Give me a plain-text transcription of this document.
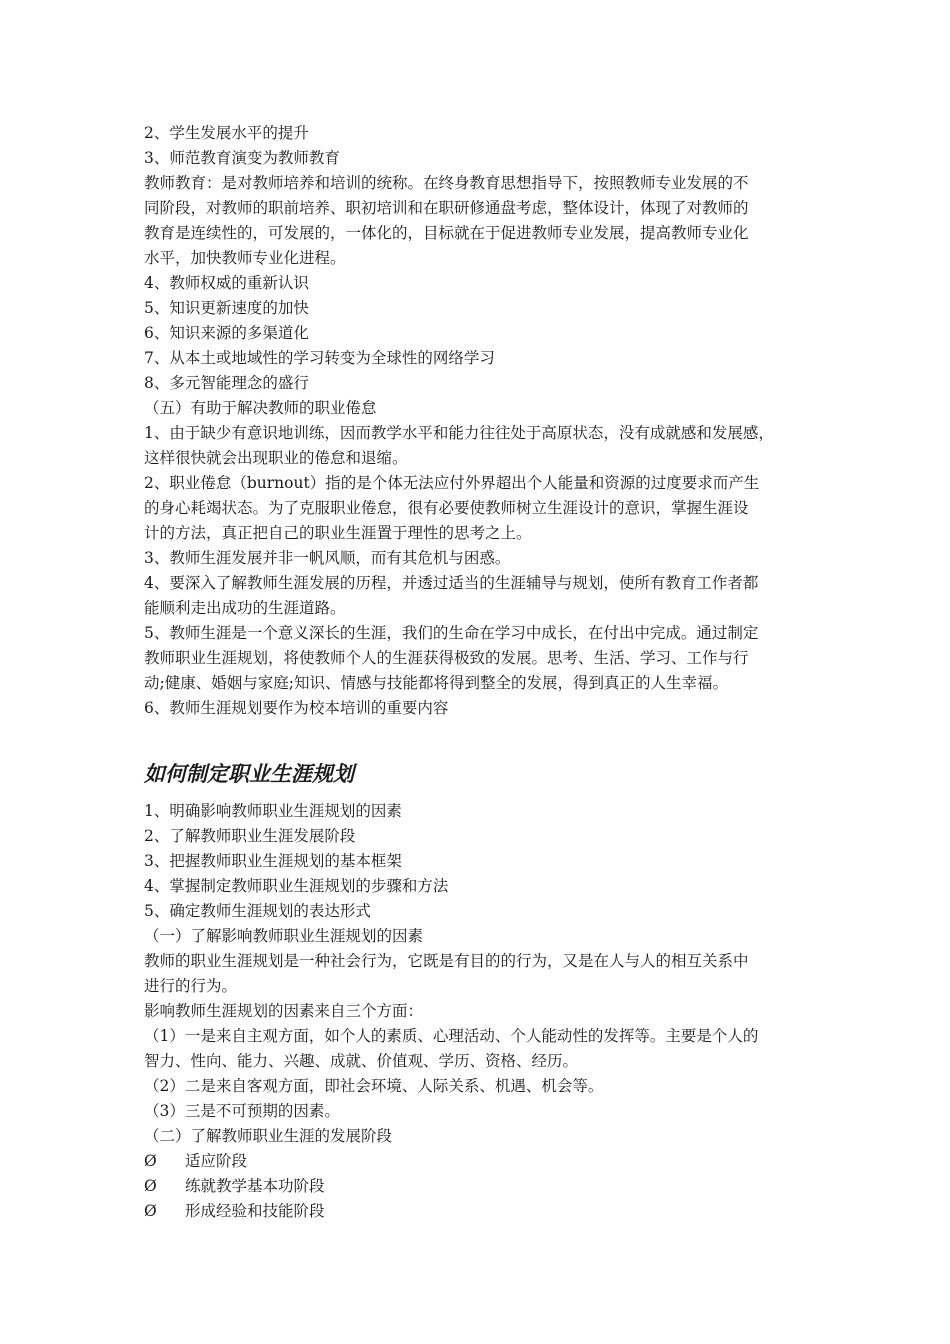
2、学生发展水平的提升

3、师范教育演变为教师教育

教师教育：是对教师培养和培训的统称。在终身教育思想指导下，按照教师专业发展的不
同阶段，对教师的职前培养、职初培训和在职研修通盘考虑，整体设计，体现了对教师的
教育是连续性的，可发展的，一体化的，目标就在于促进教师专业发展，提高教师专业化
水平，加快教师专业化进程。

4、教师权威的重新认识

5、知识更新速度的加快

6、知识来源的多渠道化

7、从本土或地域性的学习转变为全球性的网络学习

8、多元智能理念的盛行

（五）有助于解决教师的职业倦怠

1、由于缺少有意识地训练，因而教学水平和能力往往处于高原状态，没有成就感和发展感，
这样很快就会出现职业的倦怠和退缩。
2、职业倦怠（burnout）指的是个体无法应付外界超出个人能量和资源的过度要求而产生
的身心耗竭状态。为了克服职业倦怠，很有必要使教师树立生涯设计的意识，掌握生涯设
计的方法，真正把自己的职业生涯置于理性的思考之上。

3、教师生涯发展并非一帆风顺，而有其危机与困惑。

4、要深入了解教师生涯发展的历程，并透过适当的生涯辅导与规划，使所有教育工作者都
能顺利走出成功的生涯道路。
5、教师生涯是一个意义深长的生涯，我们的生命在学习中成长，在付出中完成。通过制定
教师职业生涯规划，将使教师个人的生涯获得极致的发展。思考、生活、学习、工作与行
动;健康、婚姻与家庭;知识、情感与技能都将得到整全的发展，得到真正的人生幸福。

6、教师生涯规划要作为校本培训的重要内容

如何制定职业生涯规划

1、明确影响教师职业生涯规划的因素

2、了解教师职业生涯发展阶段

3、把握教师职业生涯规划的基本框架

4、掌握制定教师职业生涯规划的步骤和方法

5、确定教师生涯规划的表达形式

（一）了解影响教师职业生涯规划的因素

教师的职业生涯规划是一种社会行为，它既是有目的的行为，又是在人与人的相互关系中
进行的行为。

影响教师生涯规划的因素来自三个方面：

（1）一是来自主观方面，如个人的素质、心理活动、个人能动性的发挥等。主要是个人的
智力、性向、能力、兴趣、成就、价值观、学历、资格、经历。

（2）二是来自客观方面，即社会环境、人际关系、机遇、机会等。

（3）三是不可预期的因素。

（二）了解教师职业生涯的发展阶段

Ø	适应阶段
Ø	练就教学基本功阶段
Ø	形成经验和技能阶段
